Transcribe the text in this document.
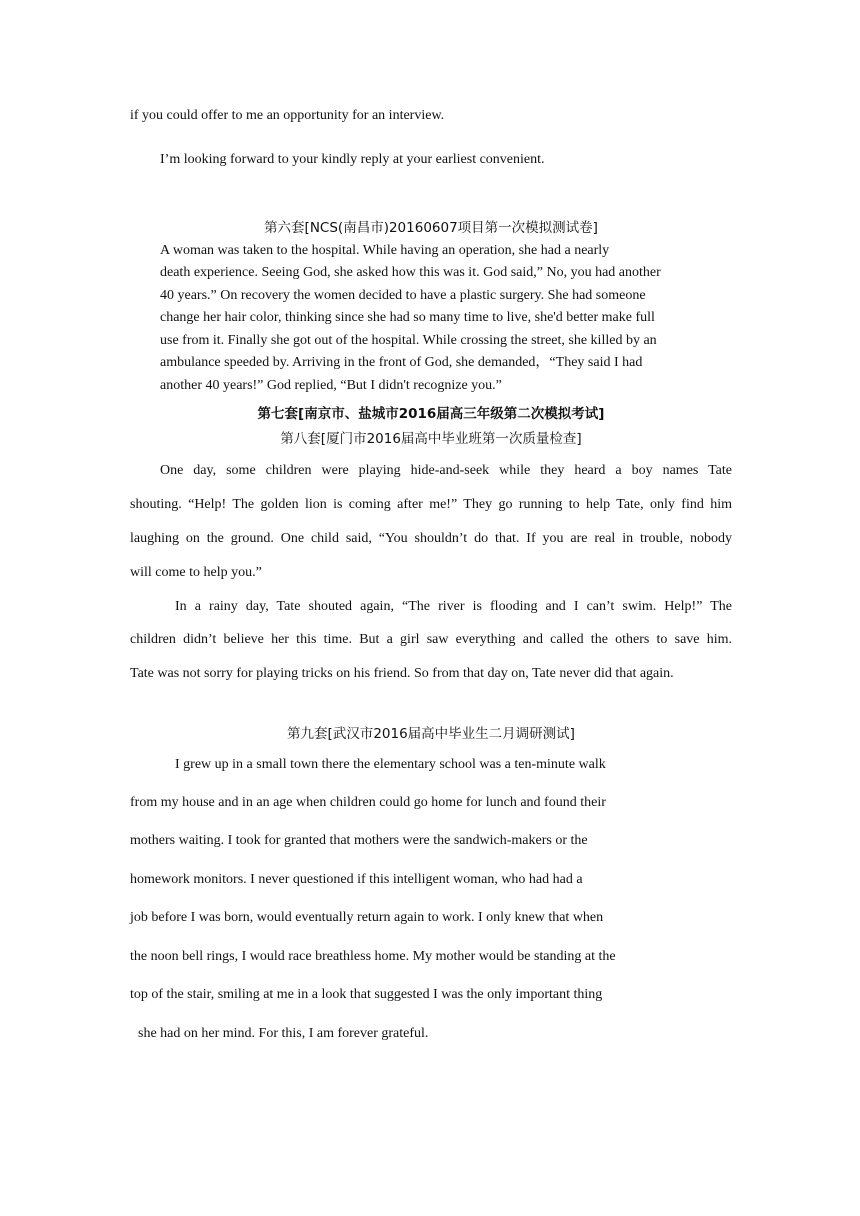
if you could offer to me an opportunity for an interview.
I’m looking forward to your kindly reply at your earliest convenient.
第六套[NCS(南昌市)20160607项目第一次模拟测试卷]
A woman was taken to the hospital. While having an operation, she had a nearly
death experience. Seeing God, she asked how this was it. God said,” No, you had another
40 years.” On recovery the women decided to have a plastic surgery. She had someone
change her hair color, thinking since she had so many time to live, she'd better make full
use from it. Finally she got out of the hospital. While crossing the street, she killed by an
ambulance speeded by. Arriving in the front of God, she demanded，“They said I had
another 40 years!” God replied, “But I didn't recognize you.”
第七套[南京市、盐城市2016届高三年级第二次模拟考试]
第八套[厦门市2016届高中毕业班第一次质量检查]
One day, some children were playing hide-and-seek while they heard a boy names Tate
shouting. “Help! The golden lion is coming after me!” They go running to help Tate, only find him
laughing on the ground. One child said, “You shouldn’t do that. If you are real in trouble, nobody
will come to help you.”
In a rainy day, Tate shouted again, “The river is flooding and I can’t swim. Help!” The
children didn’t believe her this time. But a girl saw everything and called the others to save him.
Tate was not sorry for playing tricks on his friend. So from that day on, Tate never did that again.
第九套[武汉市2016届高中毕业生二月调研测试]
I grew up in a small town there the elementary school was a ten-minute walk
from my house and in an age when children could go home for lunch and found their
mothers waiting. I took for granted that mothers were the sandwich-makers or the
homework monitors. I never questioned if this intelligent woman, who had had a
job before I was born, would eventually return again to work. I only knew that when
the noon bell rings, I would race breathless home. My mother would be standing at the
top of the stair, smiling at me in a look that suggested I was the only important thing
she had on her mind. For this, I am forever grateful.
